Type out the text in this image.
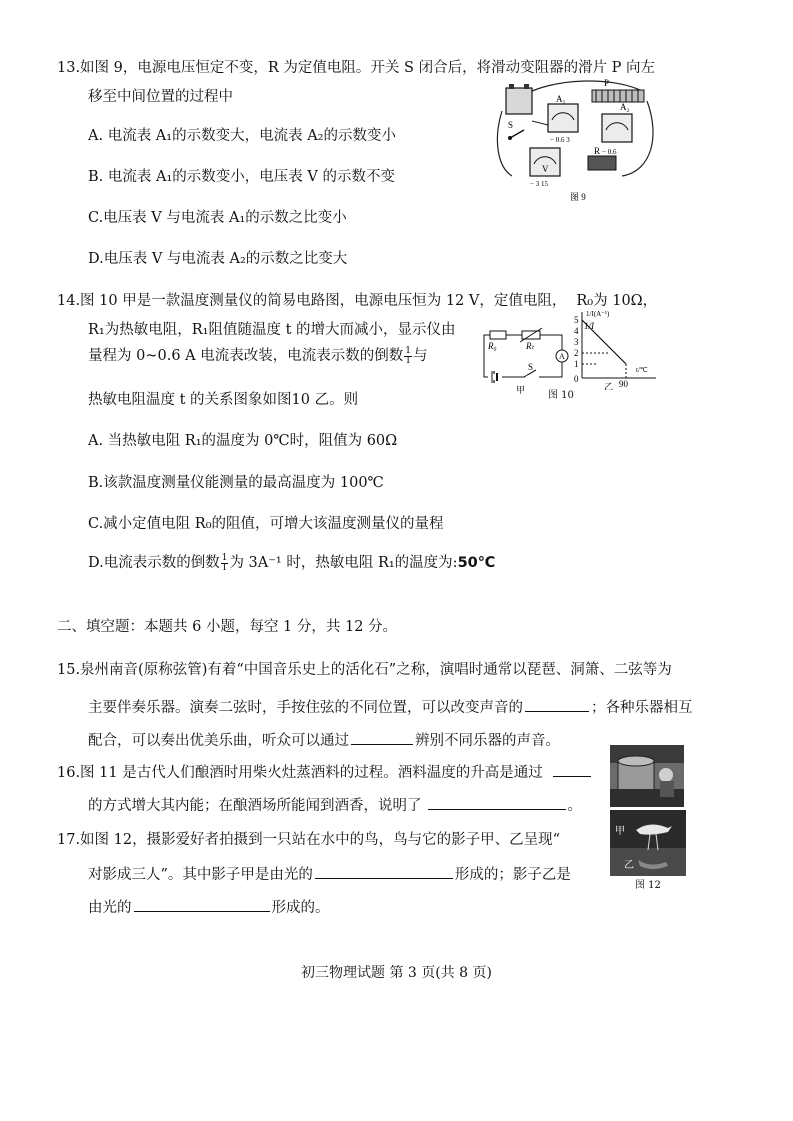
13.如图 9，电源电压恒定不变，R 为定值电阻。开关 S 闭合后，将滑动变阻器的滑片 P 向左
移至中间位置的过程中
A. 电流表 A₁的示数变大，电流表 A₂的示数变小
B. 电流表 A₁的示数变小，电压表 V 的示数不变
C.电压表 V 与电流表 A₁的示数之比变小
D.电压表 V 与电流表 A₂的示数之比变大
P
A₁
− 0.6 3
A₂
− 0.6
S
V
− 3 15
R
图 9
14.图 10 甲是一款温度测量仪的简易电路图，电源电压恒为 12 V，定值电阻， R₀为 10Ω，
R₁为热敏电阻，R₁阻值随温度 t 的增大而减小，显示仪由
量程为 0~0.6 A 电流表改装，电流表示数的倒数 $\frac{1}{I}$ 与
热敏电阻温度 t 的关系图象如图10 乙。则
A. 当热敏电阻 R₁的温度为 0℃时，阻值为 60Ω
B.该款温度测量仪能测量的最高温度为 100℃
C.减小定值电阻 R₀的阻值，可增大该温度测量仪的量程
D.电流表示数的倒数 $\frac{1}{I}$ 为 3A⁻¹ 时，热敏电阻 R₁的温度为:50℃
R₀	Rₜ
A
S
甲
1/I(A⁻¹)
t/℃
1
2
3
4
5
0
1/I
90
乙
图 10
二、填空题：本题共 6 小题，每空 1 分，共 12 分。
15.泉州南音(原称弦管)有着“中国音乐史上的活化石”之称，演唱时通常以琵琶、洞箫、二弦等为
主要伴奏乐器。演奏二弦时，手按住弦的不同位置，可以改变声音的	；各种乐器相互
配合，可以奏出优美乐曲，听众可以通过	辨别不同乐器的声音。
16.图 11 是古代人们酿酒时用柴火灶蒸酒料的过程。酒料温度的升高是通过
的方式增大其内能；在酿酒场所能闻到酒香，说明了	。
17.如图 12，摄影爱好者拍摄到一只站在水中的鸟，鸟与它的影子甲、乙呈现“
对影成三人”。其中影子甲是由光的	形成的；影子乙是
由光的	形成的。
甲
乙
图 12
初三物理试题 第 3 页(共 8 页)
